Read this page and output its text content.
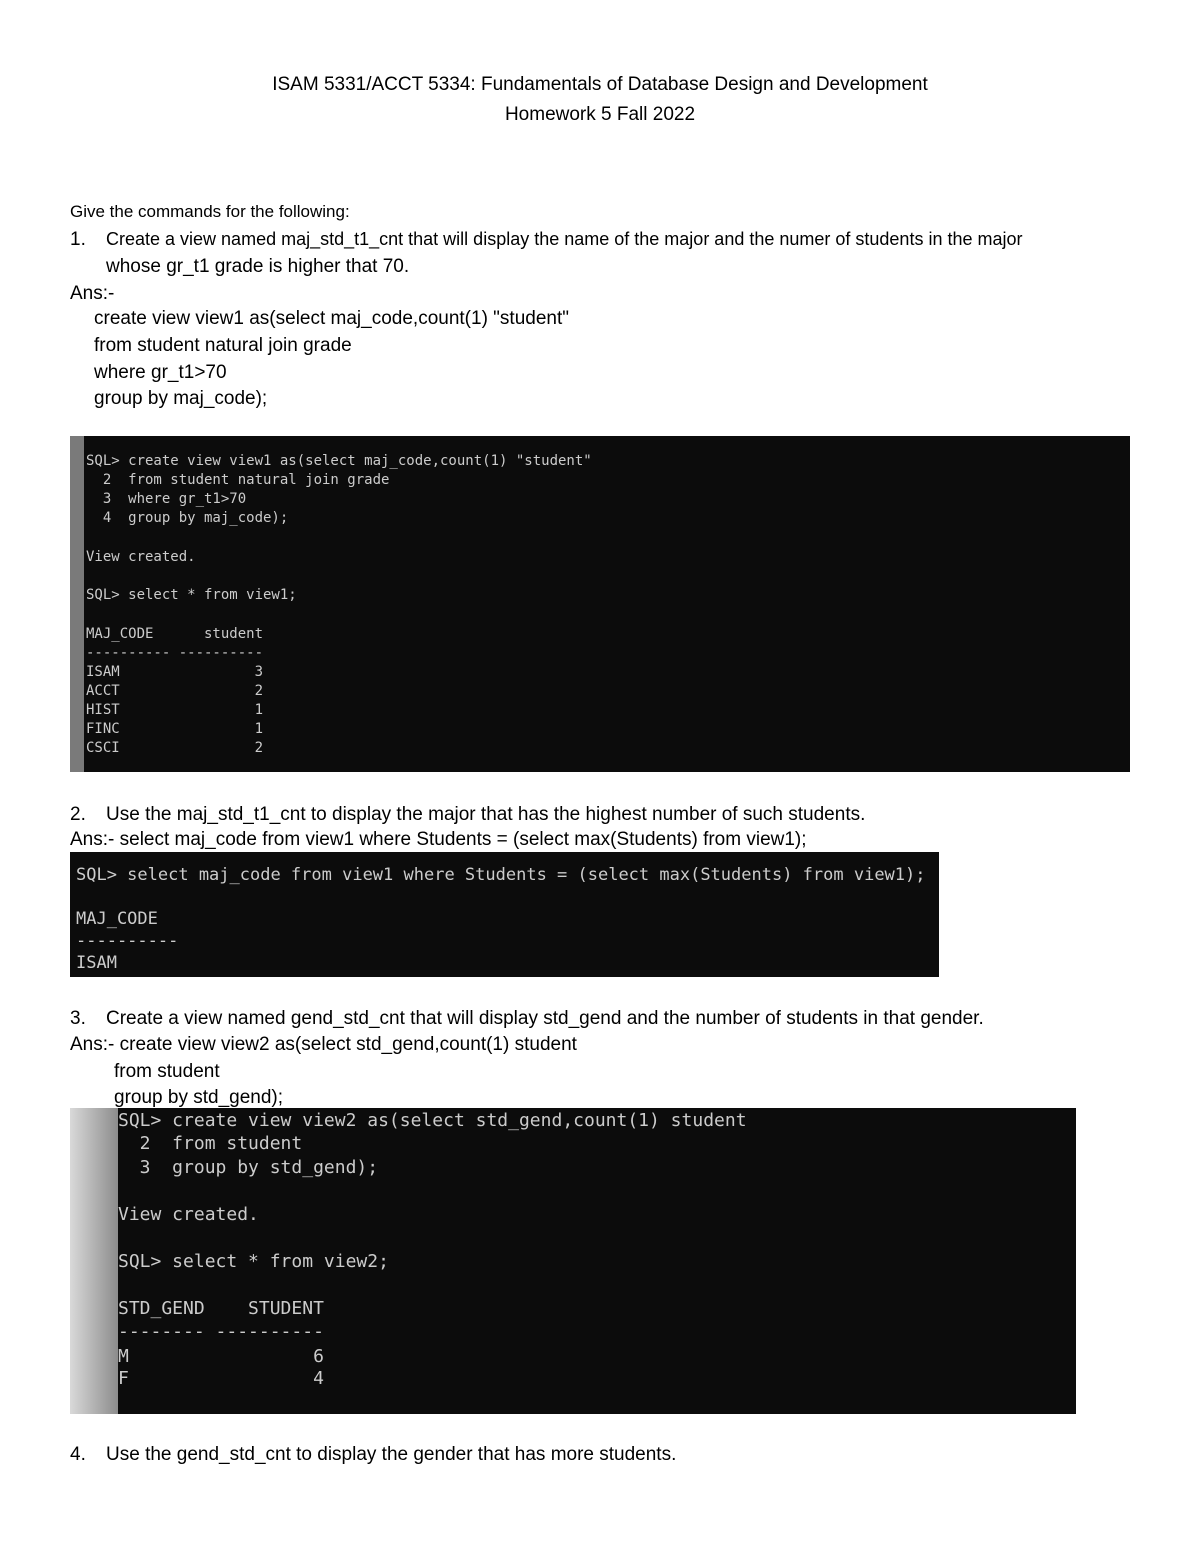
ISAM 5331/ACCT 5334: Fundamentals of Database Design and Development
Homework 5 Fall 2022
Give the commands for the following:
1. Create a view named maj_std_t1_cnt that will display the name of the major and the numer of students in the major
whose gr_t1 grade is higher that 70.
Ans:-
create view view1 as(select maj_code,count(1) "student"
from student natural join grade
where gr_t1>70
group by maj_code);
SQL> create view view1 as(select maj_code,count(1) "student"
2  from student natural join grade
3  where gr_t1>70
4  group by maj_code);
View created.
SQL> select * from view1;
MAJ_CODE      student
---------- ----------
ISAM                3
ACCT                2
HIST                1
FINC                1
CSCI                2
2. Use the maj_std_t1_cnt to display the major that has the highest number of such students.
Ans:- select maj_code from view1 where Students = (select max(Students) from view1);
SQL> select maj_code from view1 where Students = (select max(Students) from view1);
MAJ_CODE
----------
ISAM
3. Create a view named gend_std_cnt that will display std_gend and the number of students in that gender.
Ans:- create view view2 as(select std_gend,count(1) student
from student
group by std_gend);
SQL> create view view2 as(select std_gend,count(1) student
2  from student
3  group by std_gend);
View created.
SQL> select * from view2;
STD_GEND    STUDENT
-------- ----------
M                 6
F                 4
4. Use the gend_std_cnt to display the gender that has more students.
